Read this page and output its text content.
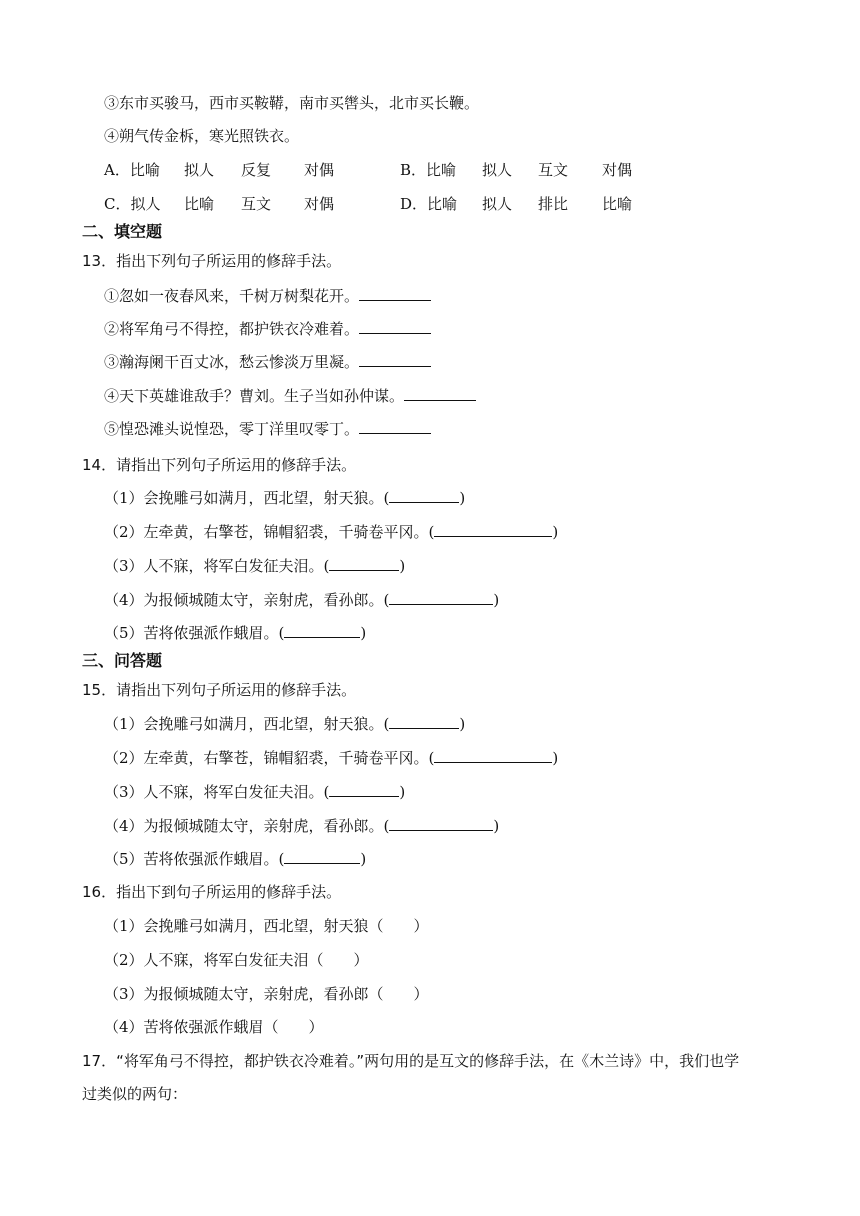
③东市买骏马，西市买鞍鞯，南市买辔头，北市买长鞭。
④朔气传金柝，寒光照铁衣。
A．比喻 拟人 反复 对偶	B．比喻 拟人 互文 对偶
C．拟人 比喻 互文 对偶	D．比喻 拟人 排比 比喻
二、填空题
13．指出下列句子所运用的修辞手法。
①忽如一夜春风来，千树万树梨花开。
②将军角弓不得控，都护铁衣冷难着。
③瀚海阑干百丈冰，愁云惨淡万里凝。
④天下英雄谁敌手？曹刘。生子当如孙仲谋。
⑤惶恐滩头说惶恐，零丁洋里叹零丁。
14．请指出下列句子所运用的修辞手法。
（1）会挽雕弓如满月，西北望，射天狼。(	)
（2）左牵黄，右擎苍，锦帽貂裘，千骑卷平冈。(	)
（3）人不寐，将军白发征夫泪。(	)
（4）为报倾城随太守，亲射虎，看孙郎。(	)
（5）苦将侬强派作蛾眉。(	)
三、问答题
15．请指出下列句子所运用的修辞手法。
（1）会挽雕弓如满月，西北望，射天狼。(	)
（2）左牵黄，右擎苍，锦帽貂裘，千骑卷平冈。(	)
（3）人不寐，将军白发征夫泪。(	)
（4）为报倾城随太守，亲射虎，看孙郎。(	)
（5）苦将侬强派作蛾眉。(	)
16．指出下到句子所运用的修辞手法。
（1）会挽雕弓如满月，西北望，射天狼（　　）
（2）人不寐，将军白发征夫泪（　　）
（3）为报倾城随太守，亲射虎，看孙郎（　　）
（4）苦将侬强派作蛾眉（　　）
17．“将军角弓不得控，都护铁衣冷难着。”两句用的是互文的修辞手法，在《木兰诗》中，我们也学
过类似的两句：
